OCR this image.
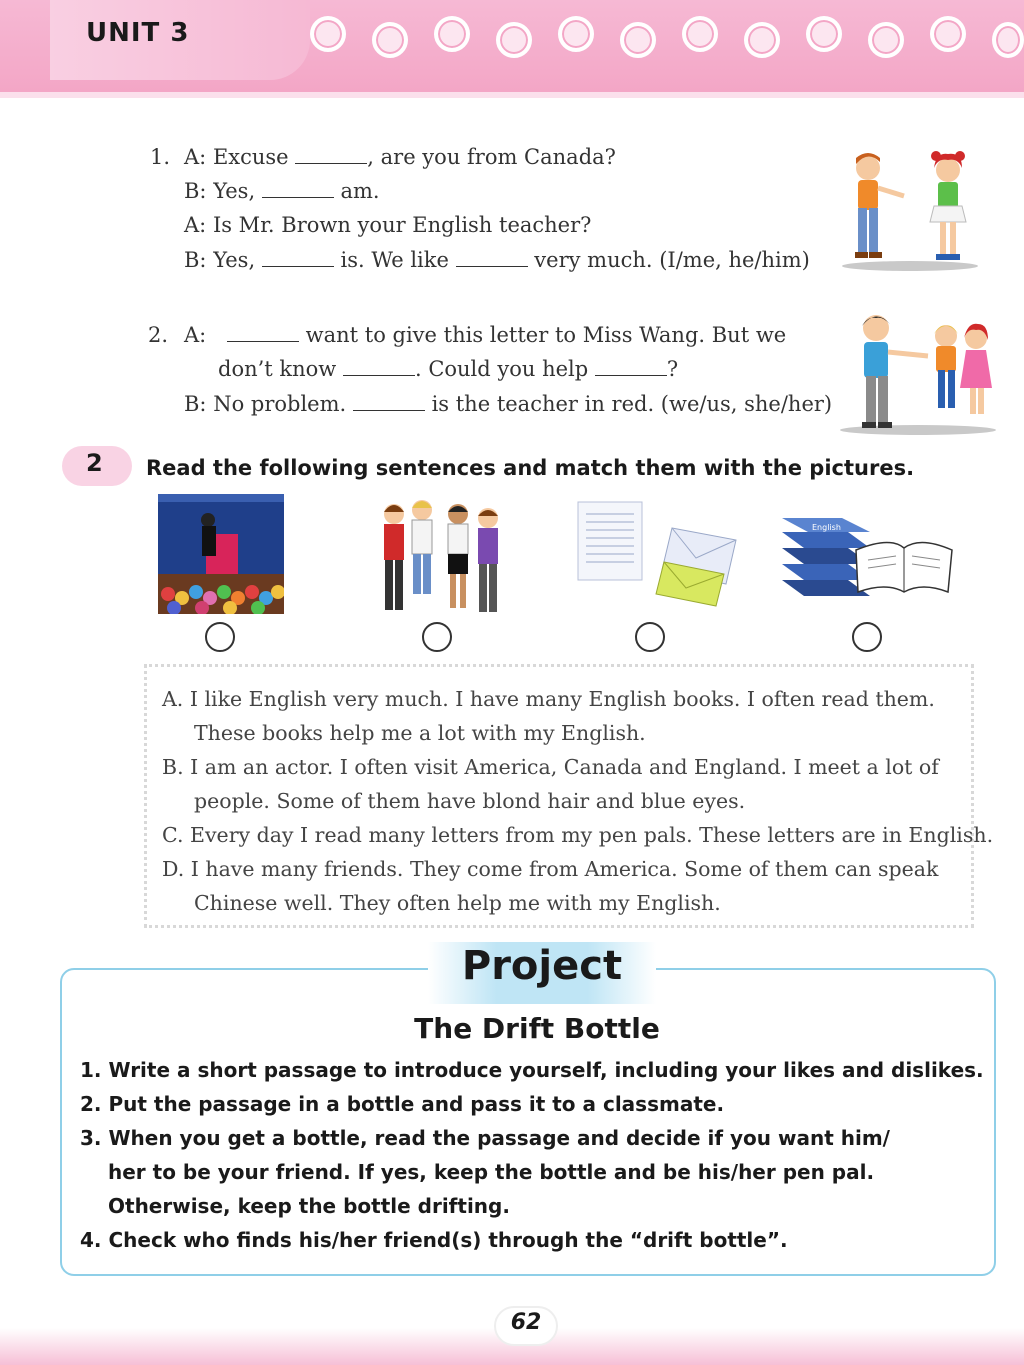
UNIT 3
1. A: Excuse	, are you from Canada?
B: Yes,	am.
A: Is Mr. Brown your English teacher?
B: Yes,	is. We like	very much. (I/me, he/him)
2. A:	want to give this letter to Miss Wang. But we
don’t know	. Could you help	?
B: No problem.	is the teacher in red. (we/us, she/her)
2 Read the following sentences and match them with the pictures.
English
A. I like English very much. I have many English books. I often read them.
These books help me a lot with my English.
B. I am an actor. I often visit America, Canada and England. I meet a lot of
people. Some of them have blond hair and blue eyes.
C. Every day I read many letters from my pen pals. These letters are in English.
D. I have many friends. They come from America. Some of them can speak
Chinese well. They often help me with my English.
Project
The Drift Bottle
1. Write a short passage to introduce yourself, including your likes and dislikes.
2. Put the passage in a bottle and pass it to a classmate.
3. When you get a bottle, read the passage and decide if you want him/
her to be your friend. If yes, keep the bottle and be his/her pen pal.
Otherwise, keep the bottle drifting.
4. Check who finds his/her friend(s) through the “drift bottle”.
62
